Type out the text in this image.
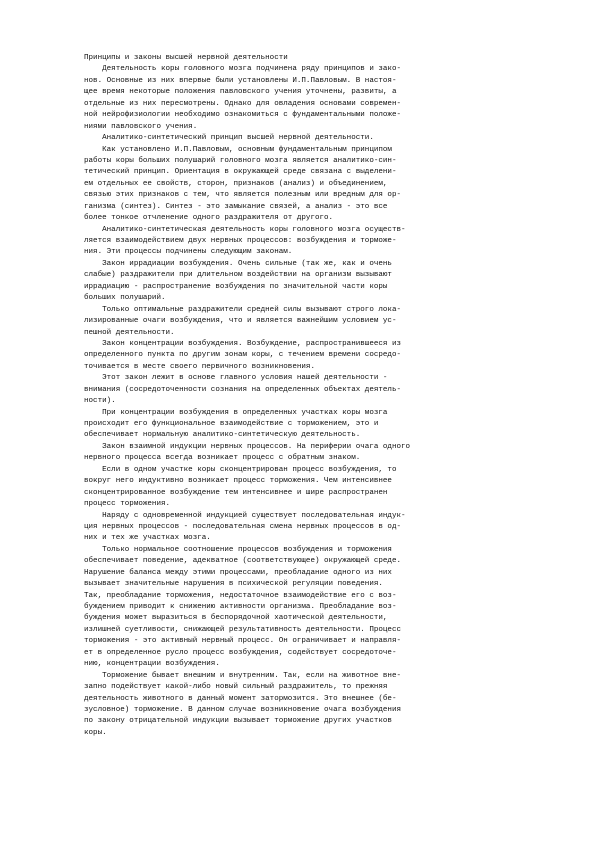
Принципы и законы высшей нервной деятельности
Деятельность коры головного мозга подчинена ряду принципов и зако-
нов. Основные из них впервые были установлены И.П.Павловым. В настоя-
щее время некоторые положения павловского учения уточнены, развиты, а
отдельные из них пересмотрены. Однако для овладения основами современ-
ной нейрофизиологии необходимо ознакомиться с фундаментальными положе-
ниями павловского учения.
Аналитико-синтетический принцип высшей нервной деятельности.
Как установлено И.П.Павловым, основным фундаментальным принципом
работы коры больших полушарий головного мозга является аналитико-син-
тетический принцип. Ориентация в окружающей среде связана с выделени-
ем отдельных ее свойств, сторон, признаков (анализ) и объединением,
связью этих признаков с тем, что является полезным или вредным для ор-
ганизма (синтез). Синтез - это замыкание связей, а анализ - это все
более тонкое отчленение одного раздражителя от другого.
Аналитико-синтетическая деятельность коры головного мозга осуществ-
ляется взаимодействием двух нервных процессов: возбуждения и торможе-
ния. Эти процессы подчинены следующим законам.
Закон иррадиации возбуждения. Очень сильные (так же, как и очень
слабые) раздражители при длительном воздействии на организм вызывают
иррадиацию - распространение возбуждения по значительной части коры
больших полушарий.
Только оптимальные раздражители средней силы вызывают строго лока-
лизированные очаги возбуждения, что и является важнейшим условием ус-
пешной деятельности.
Закон концентрации возбуждения. Возбуждение, распространившееся из
определенного пункта по другим зонам коры, с течением времени сосредо-
точивается в месте своего первичного возникновения.
Этот закон лежит в основе главного условия нашей деятельности -
внимания (сосредоточенности сознания на определенных объектах деятель-
ности).
При концентрации возбуждения в определенных участках коры мозга
происходит его функциональное взаимодействие с торможением, это и
обеспечивает нормальную аналитико-синтетическую деятельность.
Закон взаимной индукции нервных процессов. На периферии очага одного
нервного процесса всегда возникает процесс с обратным знаком.
Если в одном участке коры сконцентрирован процесс возбуждения, то
вокруг него индуктивно возникает процесс торможения. Чем интенсивнее
сконцентрированное возбуждение тем интенсивнее и шире распространен
процесс торможения.
Наряду с одновременной индукцией существует последовательная индук-
ция нервных процессов - последовательная смена нервных процессов в од-
них и тех же участках мозга.
Только нормальное соотношение процессов возбуждения и торможения
обеспечивает поведение, адекватное (соответствующее) окружающей среде.
Нарушение баланса между этими процессами, преобладание одного из них
вызывает значительные нарушения в психической регуляции поведения.
Так, преобладание торможения, недостаточное взаимодействие его с воз-
буждением приводит к снижению активности организма. Преобладание воз-
буждения может выразиться в беспорядочной хаотической деятельности,
излишней суетливости, снижающей результативность деятельности. Процесс
торможения - это активный нервный процесс. Он ограничивает и направля-
ет в определенное русло процесс возбуждения, содействует сосредоточе-
нию, концентрации возбуждения.
Торможение бывает внешним и внутренним. Так, если на животное вне-
запно подействует какой-либо новый сильный раздражитель, то прежняя
деятельность животного в данный момент затормозится. Это внешнее (бе-
зусловное) торможение. В данном случае возникновение очага возбуждения
по закону отрицательной индукции вызывает торможение других участков
коры.
